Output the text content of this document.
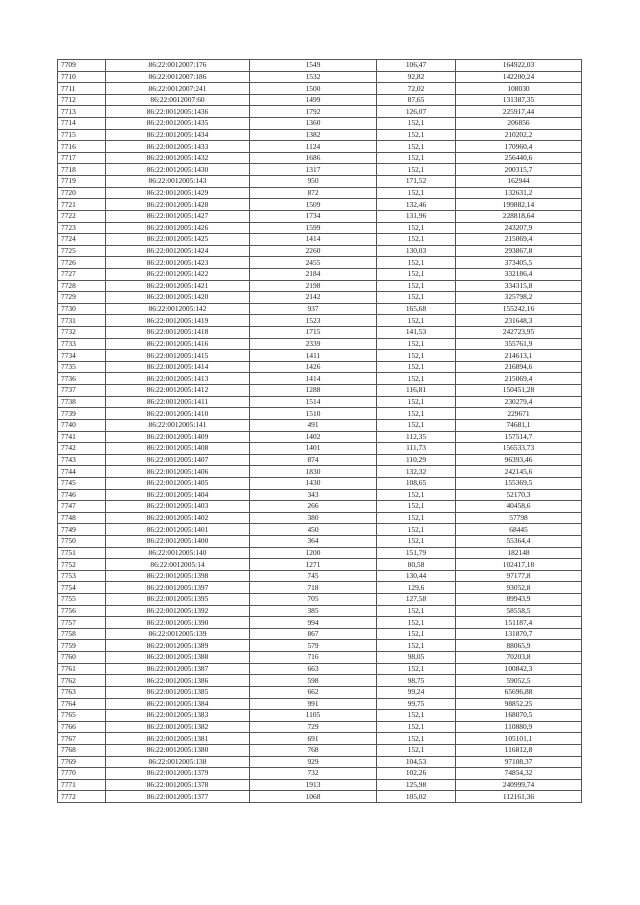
7709	86:22:0012007:176	1549	106,47	164922,03
7710	86:22:0012007:186	1532	92,82	142200,24
7711	86:22:0012007:241	1500	72,02	108030
7712	86:22:0012007:60	1499	87,65	131387,35
7713	86:22:0012005:1436	1792	126,07	225917,44
7714	86:22:0012005:1435	1360	152,1	206856
7715	86:22:0012005:1434	1382	152,1	210202,2
7716	86:22:0012005:1433	1124	152,1	170960,4
7717	86:22:0012005:1432	1686	152,1	256440,6
7718	86:22:0012005:1430	1317	152,1	200315,7
7719	86:22:0012005:143	950	171,52	162944
7720	86:22:0012005:1429	872	152,1	132631,2
7721	86:22:0012005:1428	1509	132,46	199882,14
7722	86:22:0012005:1427	1734	131,96	228818,64
7723	86:22:0012005:1426	1599	152,1	243207,9
7724	86:22:0012005:1425	1414	152,1	215069,4
7725	86:22:0012005:1424	2260	130,03	293867,8
7726	86:22:0012005:1423	2455	152,1	373405,5
7727	86:22:0012005:1422	2184	152,1	332186,4
7728	86:22:0012005:1421	2198	152,1	334315,8
7729	86:22:0012005:1420	2142	152,1	325798,2
7730	86:22:0012005:142	937	165,68	155242,16
7731	86:22:0012005:1419	1523	152,1	231648,3
7732	86:22:0012005:1418	1715	141,53	242723,95
7733	86:22:0012005:1416	2339	152,1	355761,9
7734	86:22:0012005:1415	1411	152,1	214613,1
7735	86:22:0012005:1414	1426	152,1	216894,6
7736	86:22:0012005:1413	1414	152,1	215069,4
7737	86:22:0012005:1412	1288	116,81	150451,28
7738	86:22:0012005:1411	1514	152,1	230279,4
7739	86:22:0012005:1410	1510	152,1	229671
7740	86:22:0012005:141	491	152,1	74681,1
7741	86:22:0012005:1409	1402	112,35	157514,7
7742	86:22:0012005:1408	1401	111,73	156533,73
7743	86:22:0012005:1407	874	110,29	96393,46
7744	86:22:0012005:1406	1830	132,32	242145,6
7745	86:22:0012005:1405	1430	108,65	155369,5
7746	86:22:0012005:1404	343	152,1	52170,3
7747	86:22:0012005:1403	266	152,1	40458,6
7748	86:22:0012005:1402	380	152,1	57798
7749	86:22:0012005:1401	450	152,1	68445
7750	86:22:0012005:1400	364	152,1	55364,4
7751	86:22:0012005:140	1200	151,79	182148
7752	86:22:0012005:14	1271	80,58	102417,18
7753	86:22:0012005:1398	745	130,44	97177,8
7754	86:22:0012005:1397	718	129,6	93052,8
7755	86:22:0012005:1395	705	127,58	89943,9
7756	86:22:0012005:1392	385	152,1	58558,5
7757	86:22:0012005:1390	994	152,1	151187,4
7758	86:22:0012005:139	867	152,1	131870,7
7759	86:22:0012005:1389	579	152,1	88065,9
7760	86:22:0012005:1388	716	98,05	70203,8
7761	86:22:0012005:1387	663	152,1	100842,3
7762	86:22:0012005:1386	598	98,75	59052,5
7763	86:22:0012005:1385	662	99,24	65696,88
7764	86:22:0012005:1384	991	99,75	98852,25
7765	86:22:0012005:1383	1105	152,1	168070,5
7766	86:22:0012005:1382	729	152,1	110880,9
7767	86:22:0012005:1381	691	152,1	105101,1
7768	86:22:0012005:1380	768	152,1	116812,8
7769	86:22:0012005:138	929	104,53	97108,37
7770	86:22:0012005:1379	732	102,26	74854,32
7771	86:22:0012005:1378	1913	125,98	240999,74
7772	86:22:0012005:1377	1068	105,02	112161,36
